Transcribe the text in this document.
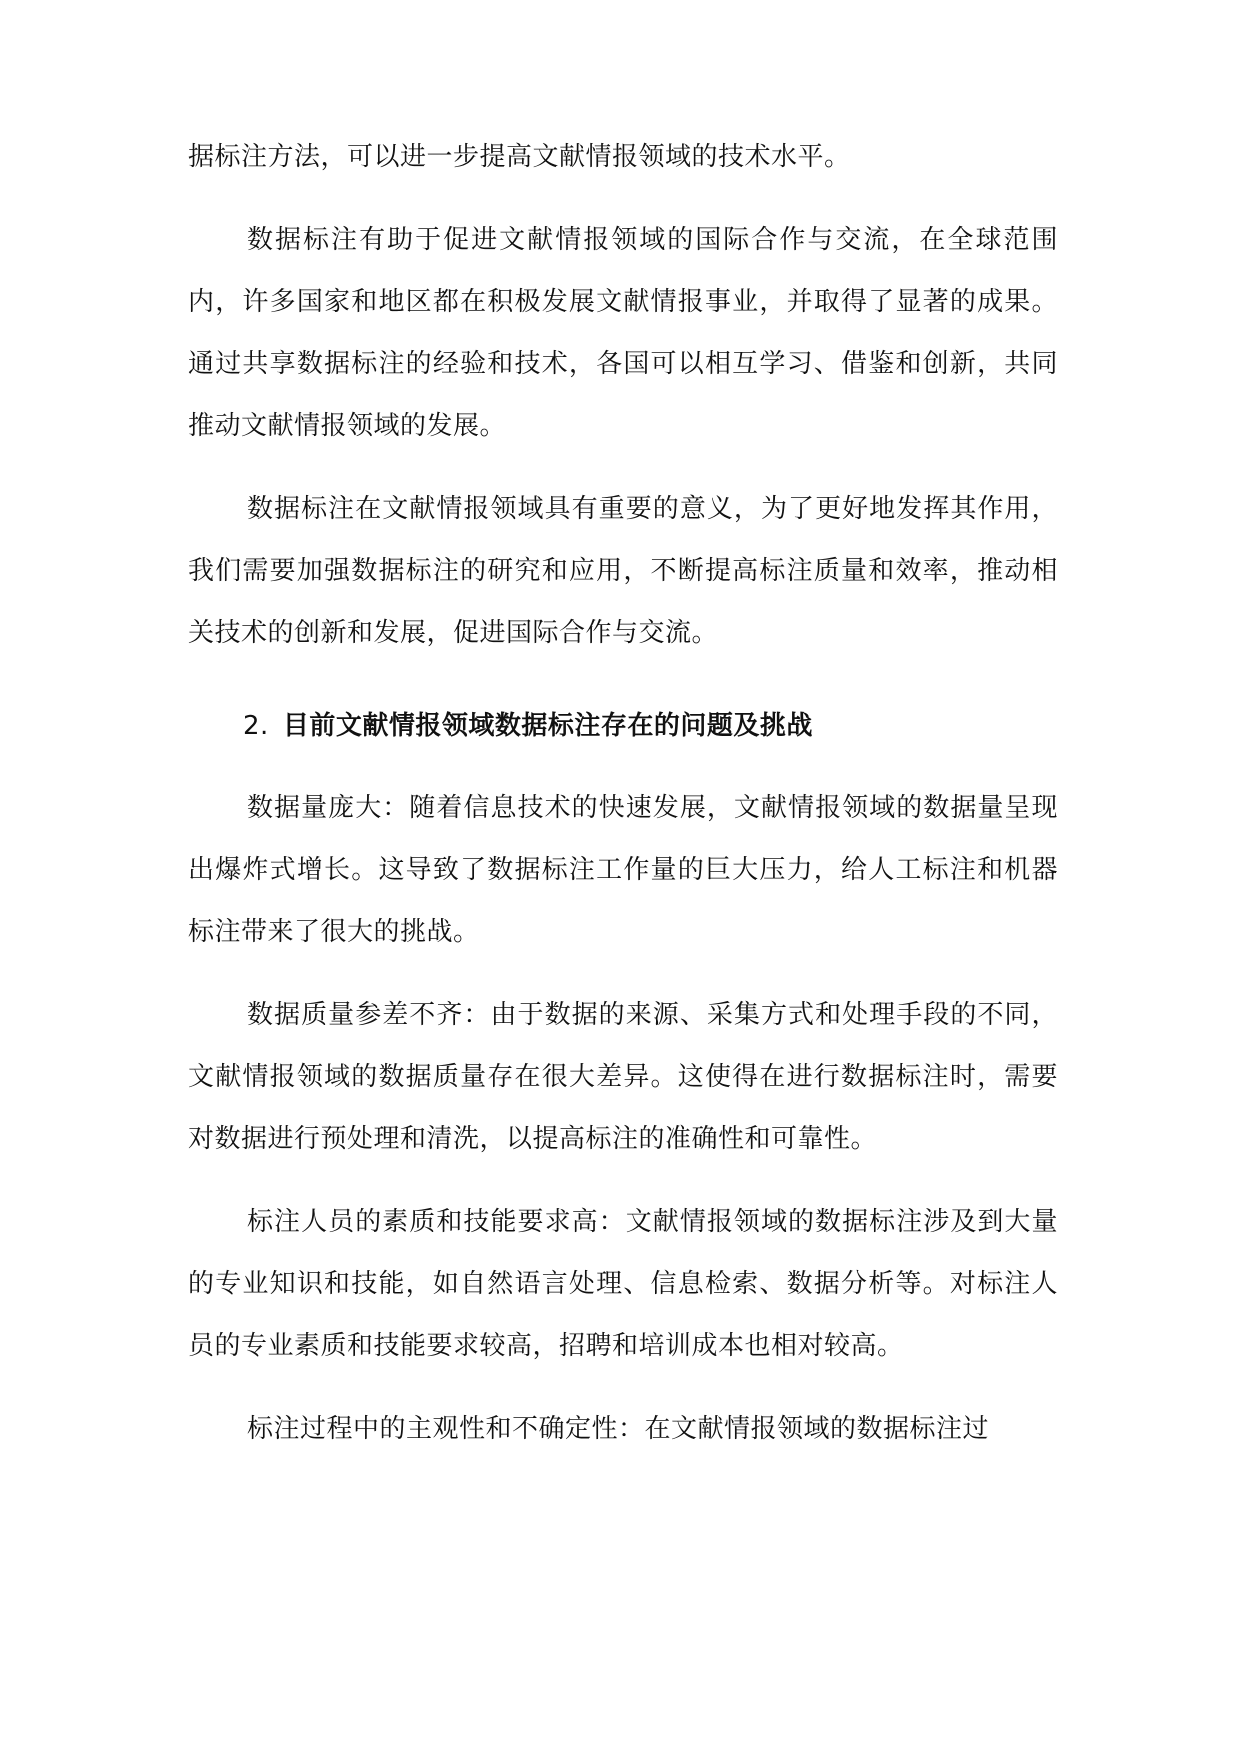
据标注方法，可以进一步提高文献情报领域的技术水平。

数据标注有助于促进文献情报领域的国际合作与交流，在全球范围内，许多国家和地区都在积极发展文献情报事业，并取得了显著的成果。通过共享数据标注的经验和技术，各国可以相互学习、借鉴和创新，共同推动文献情报领域的发展。

数据标注在文献情报领域具有重要的意义，为了更好地发挥其作用，我们需要加强数据标注的研究和应用，不断提高标注质量和效率，推动相关技术的创新和发展，促进国际合作与交流。

2. 目前文献情报领域数据标注存在的问题及挑战

数据量庞大：随着信息技术的快速发展，文献情报领域的数据量呈现出爆炸式增长。这导致了数据标注工作量的巨大压力，给人工标注和机器标注带来了很大的挑战。

数据质量参差不齐：由于数据的来源、采集方式和处理手段的不同，文献情报领域的数据质量存在很大差异。这使得在进行数据标注时，需要对数据进行预处理和清洗，以提高标注的准确性和可靠性。

标注人员的素质和技能要求高：文献情报领域的数据标注涉及到大量的专业知识和技能，如自然语言处理、信息检索、数据分析等。对标注人员的专业素质和技能要求较高，招聘和培训成本也相对较高。

标注过程中的主观性和不确定性：在文献情报领域的数据标注过
